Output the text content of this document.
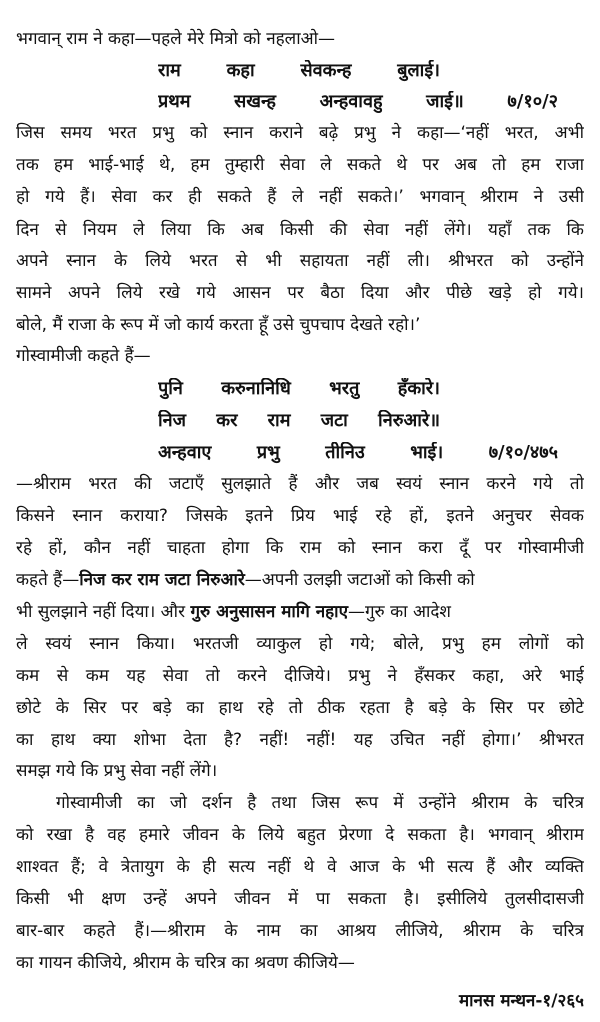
भगवान् राम ने कहा—पहले मेरे मित्रो को नहलाओ—
राम कहा सेवकन्ह बुलाई।
प्रथम सखन्ह अन्हवावहु जाई॥ ७/१०/२
जिस समय भरत प्रभु को स्नान कराने बढ़े प्रभु ने कहा—‘नहीं भरत, अभी
तक हम भाई-भाई थे, हम तुम्हारी सेवा ले सकते थे पर अब तो हम राजा
हो गये हैं। सेवा कर ही सकते हैं ले नहीं सकते।’ भगवान् श्रीराम ने उसी
दिन से नियम ले लिया कि अब किसी की सेवा नहीं लेंगे। यहाँ तक कि
अपने स्नान के लिये भरत से भी सहायता नहीं ली। श्रीभरत को उन्होंने
सामने अपने लिये रखे गये आसन पर बैठा दिया और पीछे खड़े हो गये।
बोले, मैं राजा के रूप में जो कार्य करता हूँ उसे चुपचाप देखते रहो।’
गोस्वामीजी कहते हैं—
पुनि करुनानिधि भरतु हँकारे।
निज कर राम जटा निरुआरे॥
अन्हवाए प्रभु तीनिउ भाई। ७/१०/४७५
—श्रीराम भरत की जटाएँ सुलझाते हैं और जब स्वयं स्नान करने गये तो
किसने स्नान कराया? जिसके इतने प्रिय भाई रहे हों, इतने अनुचर सेवक
रहे हों, कौन नहीं चाहता होगा कि राम को स्नान करा दूँ पर गोस्वामीजी
कहते हैं—निज कर राम जटा निरुआरे—अपनी उलझी जटाओं को किसी को
भी सुलझाने नहीं दिया। और गुरु अनुसासन मागि नहाए—गुरु का आदेश
ले स्वयं स्नान किया। भरतजी व्याकुल हो गये; बोले, प्रभु हम लोगों को
कम से कम यह सेवा तो करने दीजिये। प्रभु ने हँसकर कहा, अरे भाई
छोटे के सिर पर बड़े का हाथ रहे तो ठीक रहता है बड़े के सिर पर छोटे
का हाथ क्या शोभा देता है? नहीं! नहीं! यह उचित नहीं होगा।’ श्रीभरत
समझ गये कि प्रभु सेवा नहीं लेंगे।
गोस्वामीजी का जो दर्शन है तथा जिस रूप में उन्होंने श्रीराम के चरित्र
को रखा है वह हमारे जीवन के लिये बहुत प्रेरणा दे सकता है। भगवान् श्रीराम
शाश्वत हैं; वे त्रेतायुग के ही सत्य नहीं थे वे आज के भी सत्य हैं और व्यक्ति
किसी भी क्षण उन्हें अपने जीवन में पा सकता है। इसीलिये तुलसीदासजी
बार-बार कहते हैं।—श्रीराम के नाम का आश्रय लीजिये, श्रीराम के चरित्र
का गायन कीजिये, श्रीराम के चरित्र का श्रवण कीजिये—
मानस मन्थन-१/२६५
